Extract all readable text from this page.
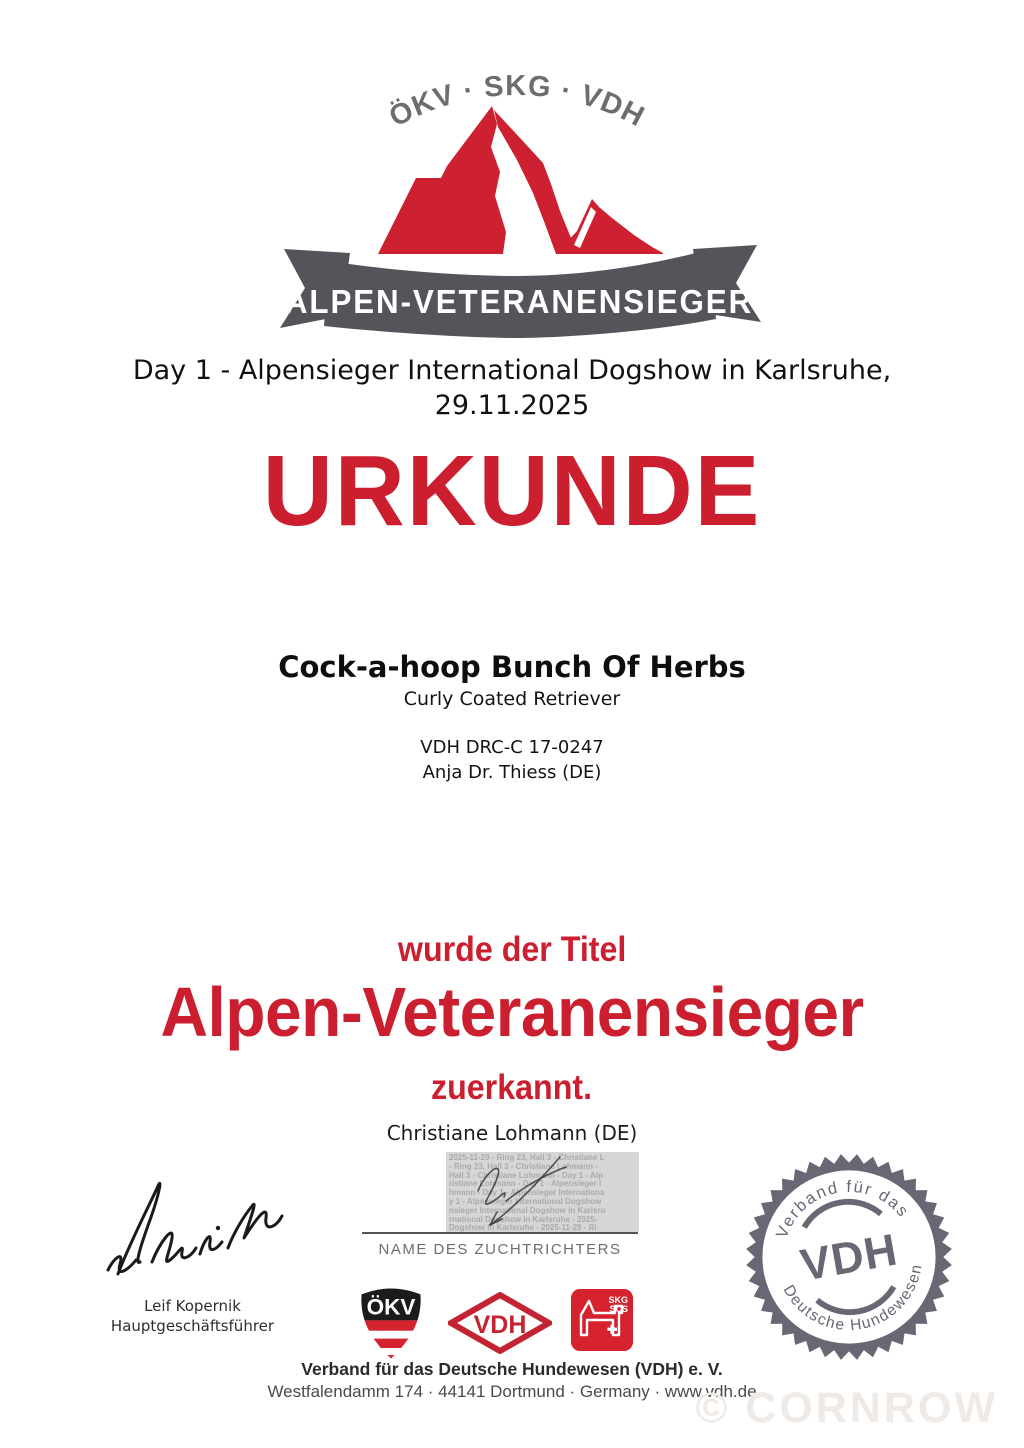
ÖKV · SKG · VDH
ALPEN-VETERANENSIEGER
Day 1 - Alpensieger International Dogshow in Karlsruhe,
29.11.2025
URKUNDE
Cock-a-hoop Bunch Of Herbs
Curly Coated Retriever
VDH DRC-C 17-0247
Anja Dr. Thiess (DE)
wurde der Titel
Alpen-Veteranensieger
zuerkannt.
Christiane Lohmann (DE)
2025-11-29 - Ring 23, Hall 3 - Christiane L
- Ring 23, Hall 3 - Christiane Lohmann -
Hall 3 - Christiane Lohmann - Day 1 - Alp
ristiane Lohmann - Day 1 - Alpensieger I
hmann - Day 1 - Alpensieger Internationa
y 1 - Alpensieger International Dogshow
nsieger International Dogshow in Karlsru
rnational Dogshow in Karlsruhe - 2025-
Dogshow in Karlsruhe - 2025-11-29 - Ri
NAME DES ZUCHTRICHTERS
Leif Kopernik
Hauptgeschäftsführer
ÖKV
VDH
SKG
SCS
Verband für das Deutsche Hundewesen (VDH) e. V.
Westfalendamm 174 · 44141 Dortmund · Germany · www.vdh.de
Verband für das
Deutsche Hundewesen
VDH
© CORNROW
